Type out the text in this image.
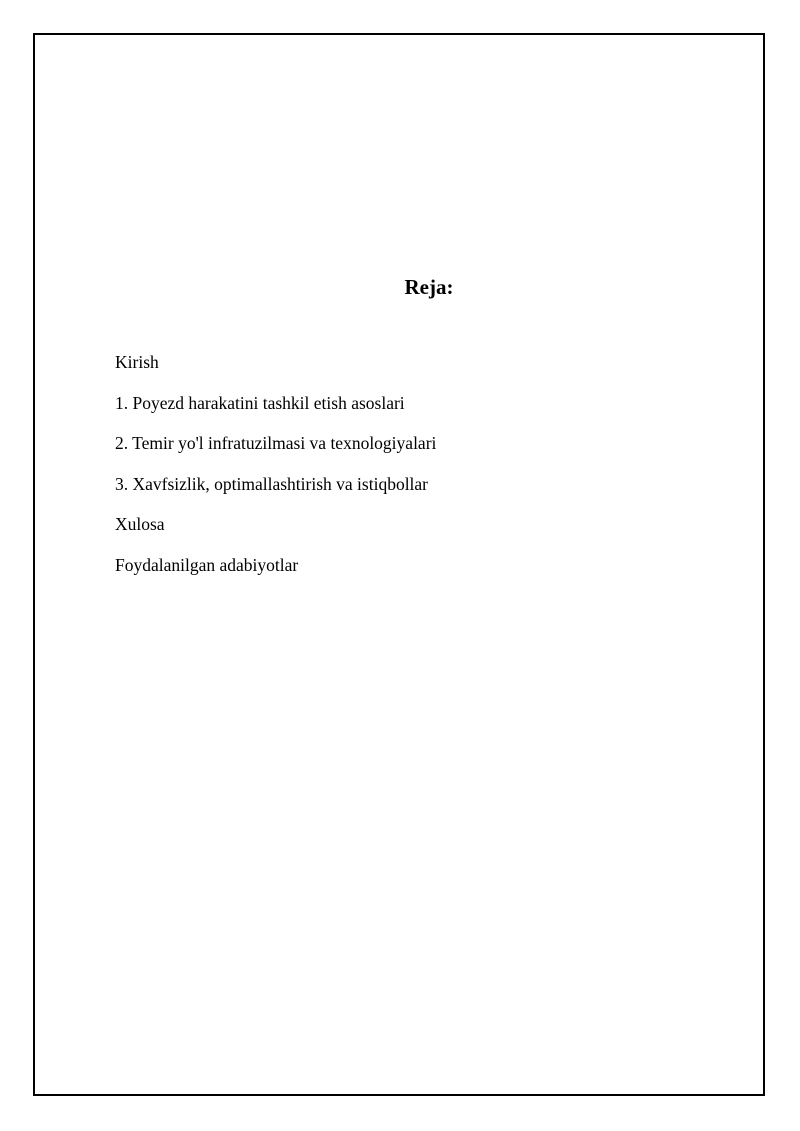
Reja:
Kirish
1. Poyezd harakatini tashkil etish asoslari
2. Temir yo'l infratuzilmasi va texnologiyalari
3. Xavfsizlik, optimallashtirish va istiqbollar
Xulosa
Foydalanilgan adabiyotlar
